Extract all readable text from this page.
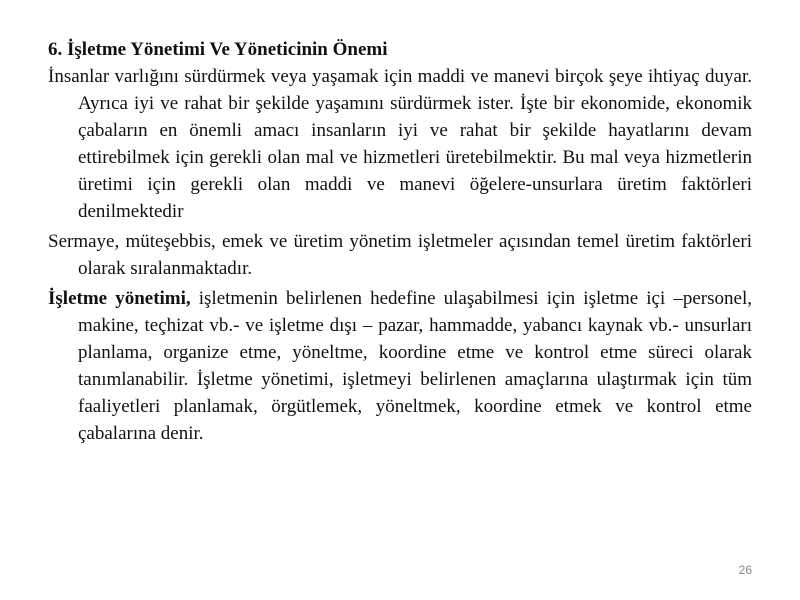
6. İşletme Yönetimi Ve Yöneticinin Önemi

İnsanlar varlığını sürdürmek veya yaşamak için maddi ve manevi birçok şeye ihtiyaç duyar. Ayrıca iyi ve rahat bir şekilde yaşamını sürdürmek ister. İşte bir ekonomide, ekonomik çabaların en önemli amacı insanların iyi ve rahat bir şekilde hayatlarını devam ettirebilmek için gerekli olan mal ve hizmetleri üretebilmektir. Bu mal veya hizmetlerin üretimi için gerekli olan maddi ve manevi öğelere-unsurlara üretim faktörleri denilmektedir

Sermaye, müteşebbis, emek ve üretim yönetim işletmeler açısından temel üretim faktörleri olarak sıralanmaktadır.

İşletme yönetimi, işletmenin belirlenen hedefine ulaşabilmesi için işletme içi –personel, makine, teçhizat vb.- ve işletme dışı – pazar, hammadde, yabancı kaynak vb.- unsurları planlama, organize etme, yöneltme, koordine etme ve kontrol etme süreci olarak tanımlanabilir. İşletme yönetimi, işletmeyi belirlenen amaçlarına ulaştırmak için tüm faaliyetleri planlamak, örgütlemek, yöneltmek, koordine etmek ve kontrol etme çabalarına denir.

26
